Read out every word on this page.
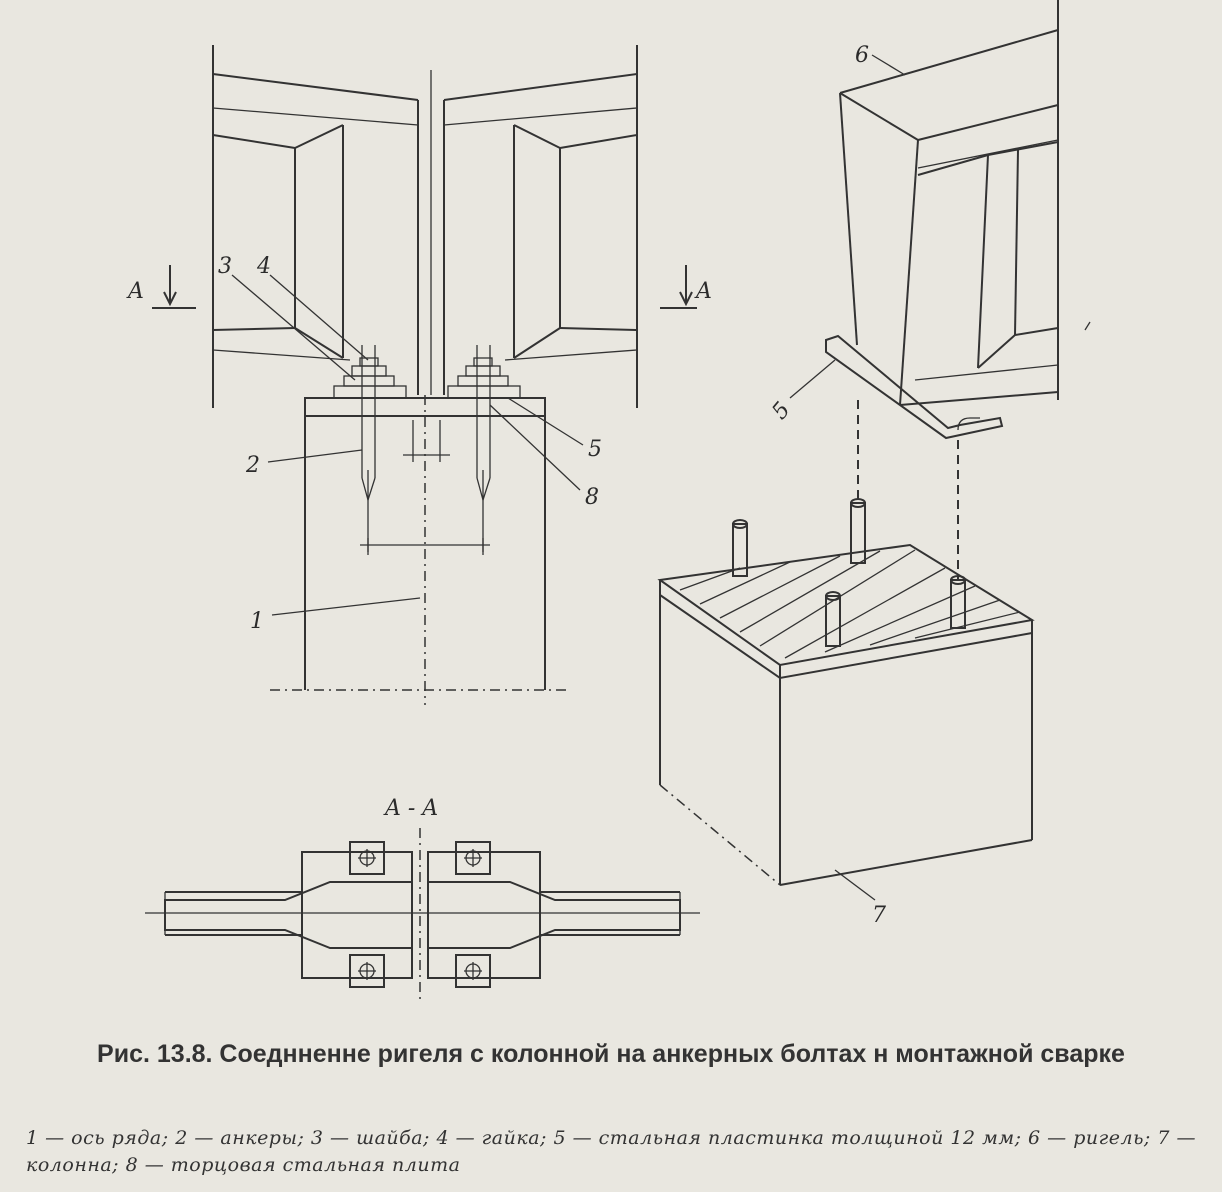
A	A
3 4
2
5
8
1
6
5
7
A - A
Рис. 13.8. Соеднненне ригеля с колонной на анкерных болтах н монтажной сварке
1 — ось ряда; 2 — анкеры; 3 — шайба; 4 — гайка; 5 — стальная пластинка толщиной 12 мм; 6 — ригель; 7 — колонна; 8 — торцовая стальная плита
